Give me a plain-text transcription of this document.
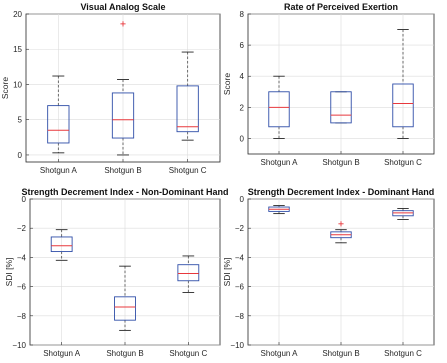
0
5
10
15
20
Shotgun A	Shotgun B	Shotgun C
Visual Analog Scale
Score
0
2
4
6
8
Shotgun A	Shotgun B	Shotgun C
Rate of Perceived Exertion
Score
−10
−8
−6
−4
−2
0
Shotgun A	Shotgun B	Shotgun C
Strength Decrement Index - Non-Dominant Hand
SDI [%]
−10
−8
−6
−4
−2
0
Shotgun A	Shotgun B	Shotgun C
Strength Decrement Index - Dominant Hand
SDI [%]
